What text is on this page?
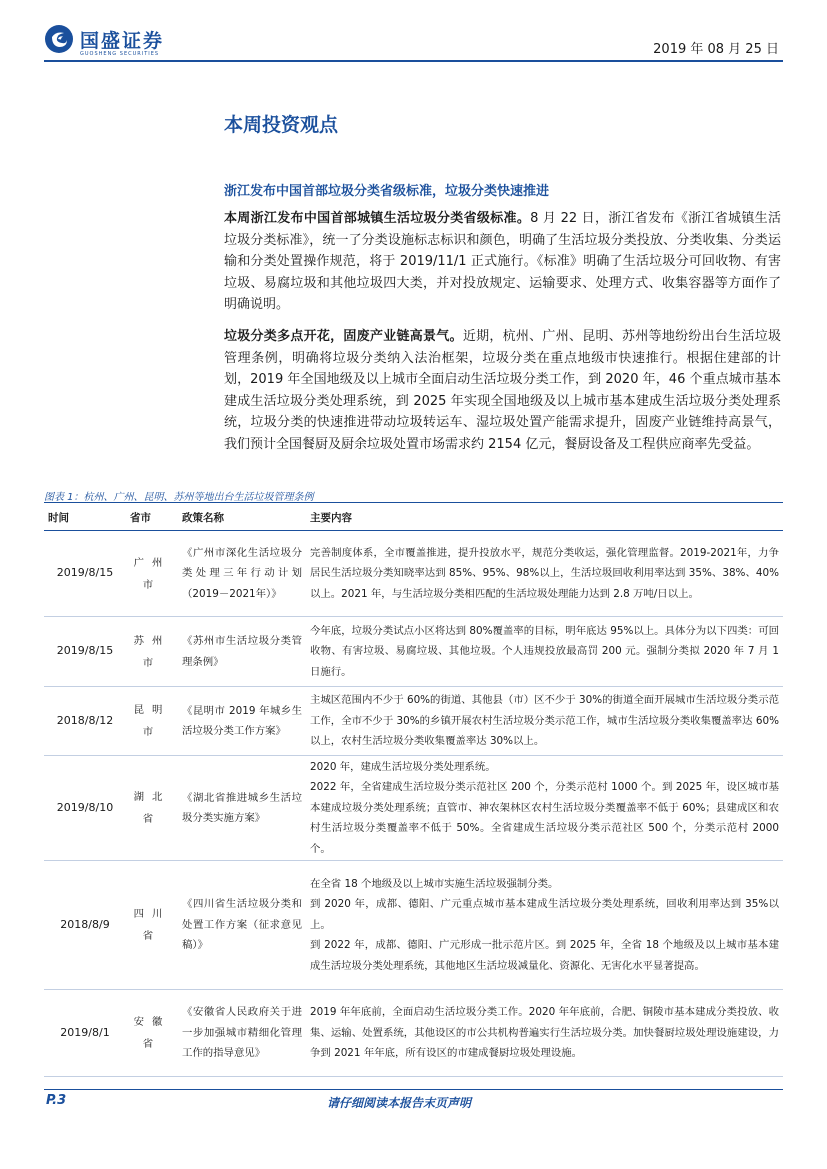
国盛证券
GUOSHENG SECURITIES	2019 年 08 月 25 日
本周投资观点
浙江发布中国首部垃圾分类省级标准，垃圾分类快速推进
本周浙江发布中国首部城镇生活垃圾分类省级标准。8 月 22 日，浙江省发布《浙江省城镇生活垃圾分类标准》，统一了分类设施标志标识和颜色，明确了生活垃圾分类投放、分类收集、分类运输和分类处置操作规范，将于 2019/11/1 正式施行。《标准》明确了生活垃圾分可回收物、有害垃圾、易腐垃圾和其他垃圾四大类，并对投放规定、运输要求、处理方式、收集容器等方面作了明确说明。
垃圾分类多点开花，固废产业链高景气。近期，杭州、广州、昆明、苏州等地纷纷出台生活垃圾管理条例，明确将垃圾分类纳入法治框架，垃圾分类在重点地级市快速推行。根据住建部的计划，2019 年全国地级及以上城市全面启动生活垃圾分类工作，到 2020 年，46 个重点城市基本建成生活垃圾分类处理系统，到 2025 年实现全国地级及以上城市基本建成生活垃圾分类处理系统，垃圾分类的快速推进带动垃圾转运车、湿垃圾处置产能需求提升，固废产业链维持高景气，我们预计全国餐厨及厨余垃圾处置市场需求约 2154 亿元，餐厨设备及工程供应商率先受益。
图表 1：杭州、广州、昆明、苏州等地出台生活垃圾管理条例
时间	省市	政策名称	主要内容
2019/8/15	广州市	《广州市深化生活垃圾分类处理三年行动计划（2019－2021年）》	完善制度体系，全市覆盖推进，提升投放水平，规范分类收运，强化管理监督。2019-2021年，力争居民生活垃圾分类知晓率达到 85%、95%、98%以上，生活垃圾回收利用率达到 35%、38%、40%以上。2021 年，与生活垃圾分类相匹配的生活垃圾处理能力达到 2.8 万吨/日以上。
2019/8/15	苏州市	《苏州市生活垃圾分类管理条例》	今年底，垃圾分类试点小区将达到 80%覆盖率的目标，明年底达 95%以上。具体分为以下四类：可回收物、有害垃圾、易腐垃圾、其他垃圾。个人违规投放最高罚 200 元。强制分类拟 2020 年 7 月 1 日施行。
2018/8/12	昆明市	《昆明市 2019 年城乡生活垃圾分类工作方案》	主城区范围内不少于 60%的街道、其他县（市）区不少于 30%的街道全面开展城市生活垃圾分类示范工作，全市不少于 30%的乡镇开展农村生活垃圾分类示范工作，城市生活垃圾分类收集覆盖率达 60%以上，农村生活垃圾分类收集覆盖率达 30%以上。
2019/8/10	湖北省	《湖北省推进城乡生活垃圾分类实施方案》	2020 年，建成生活垃圾分类处理系统。
2022 年，全省建成生活垃圾分类示范社区 200 个，分类示范村 1000 个。到 2025 年，设区城市基本建成垃圾分类处理系统；直管市、神农架林区农村生活垃圾分类覆盖率不低于 60%；县建成区和农村生活垃圾分类覆盖率不低于 50%。全省建成生活垃圾分类示范社区 500 个，分类示范村 2000 个。
2018/8/9	四川省	《四川省生活垃圾分类和处置工作方案（征求意见稿）》	在全省 18 个地级及以上城市实施生活垃圾强制分类。
到 2020 年，成都、德阳、广元重点城市基本建成生活垃圾分类处理系统，回收利用率达到 35%以上。
到 2022 年，成都、德阳、广元形成一批示范片区。到 2025 年，全省 18 个地级及以上城市基本建成生活垃圾分类处理系统，其他地区生活垃圾减量化、资源化、无害化水平显著提高。
2019/8/1	安徽省	《安徽省人民政府关于进一步加强城市精细化管理工作的指导意见》	2019 年年底前，全面启动生活垃圾分类工作。2020 年年底前，合肥、铜陵市基本建成分类投放、收集、运输、处置系统，其他设区的市公共机构普遍实行生活垃圾分类。加快餐厨垃圾处理设施建设，力争到 2021 年年底，所有设区的市建成餐厨垃圾处理设施。
P.3	请仔细阅读本报告末页声明
